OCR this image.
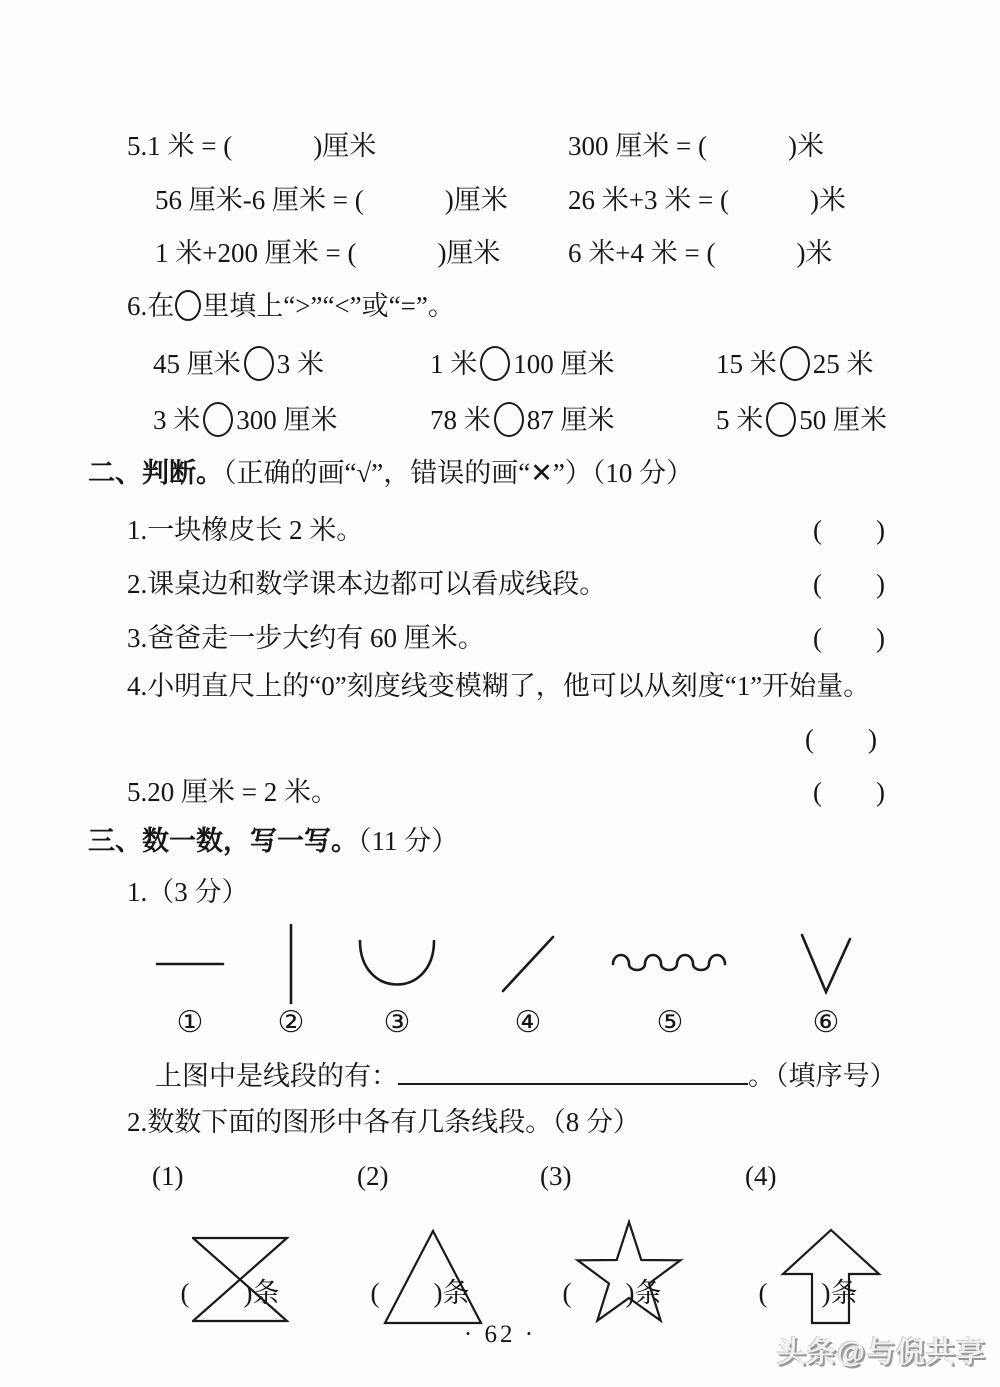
5.1 米 = (　　　)厘米	300 厘米 = (　　　)米
56 厘米-6 厘米 = (　　　)厘米 26 米+3 米 = (　　　)米
1 米+200 厘米 = (　　　)厘米	6 米+4 米 = (　　　)米
6.在 里填上“>”“<”或“=”。
45 厘米 3 米	1 米 100 厘米	15 米 25 米
3 米 300 厘米	78 米 87 厘米	5 米 50 厘米
二、判断。（正确的画“√”，错误的画“✕”）（10 分）
1.一块橡皮长 2 米。	(　　)
2.课桌边和数学课本边都可以看成线段。	(　　)
3.爸爸走一步大约有 60 厘米。	(　　)
4.小明直尺上的“0”刻度线变模糊了，他可以从刻度“1”开始量。
(　　)
5.20 厘米 = 2 米。	(　　)
三、数一数，写一写。（11 分）
1.（3 分）
① ②	③	④	⑤	⑥
上图中是线段的有：	。（填序号）
2.数数下面的图形中各有几条线段。（8 分）
(1)

	(2)

	(3)

	(4)

(　　)条	(　　)条	(　　)条	(　　)条
· 62 ·
头条@与倪共享
